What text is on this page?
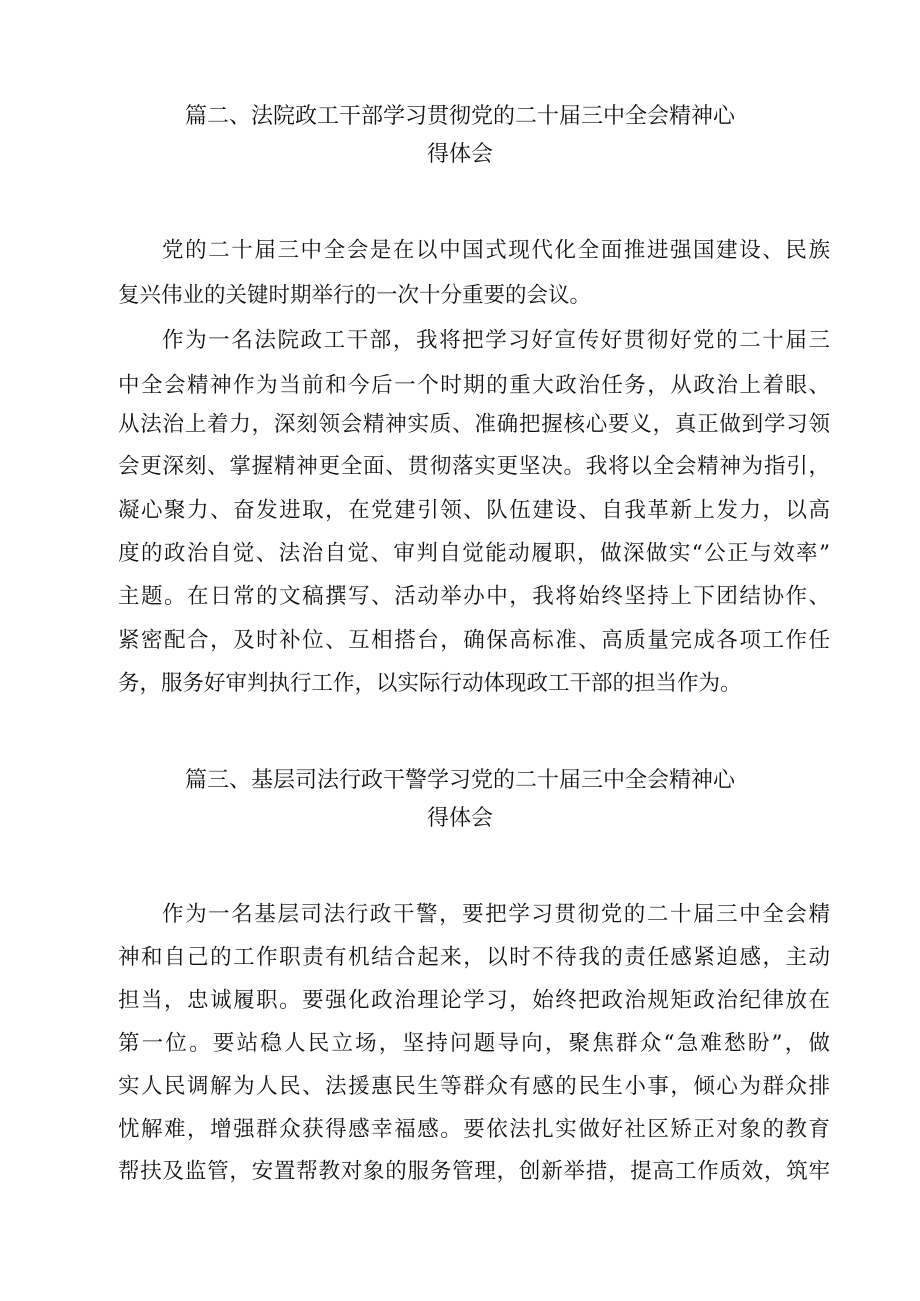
篇二、法院政工干部学习贯彻党的二十届三中全会精神心
得体会
党的二十届三中全会是在以中国式现代化全面推进强国建设、民族
复兴伟业的关键时期举行的一次十分重要的会议。
作为一名法院政工干部，我将把学习好宣传好贯彻好党的二十届三
中全会精神作为当前和今后一个时期的重大政治任务，从政治上着眼、
从法治上着力，深刻领会精神实质、准确把握核心要义，真正做到学习领
会更深刻、掌握精神更全面、贯彻落实更坚决。我将以全会精神为指引，
凝心聚力、奋发进取，在党建引领、队伍建设、自我革新上发力，以高
度的政治自觉、法治自觉、审判自觉能动履职，做深做实“公正与效率”
主题。在日常的文稿撰写、活动举办中，我将始终坚持上下团结协作、
紧密配合，及时补位、互相搭台，确保高标准、高质量完成各项工作任
务，服务好审判执行工作，以实际行动体现政工干部的担当作为。
篇三、基层司法行政干警学习党的二十届三中全会精神心
得体会
作为一名基层司法行政干警，要把学习贯彻党的二十届三中全会精
神和自己的工作职责有机结合起来，以时不待我的责任感紧迫感，主动
担当，忠诚履职。要强化政治理论学习，始终把政治规矩政治纪律放在
第一位。要站稳人民立场，坚持问题导向，聚焦群众“急难愁盼”，做
实人民调解为人民、法援惠民生等群众有感的民生小事，倾心为群众排
忧解难，增强群众获得感幸福感。要依法扎实做好社区矫正对象的教育
帮扶及监管，安置帮教对象的服务管理，创新举措，提高工作质效，筑牢
